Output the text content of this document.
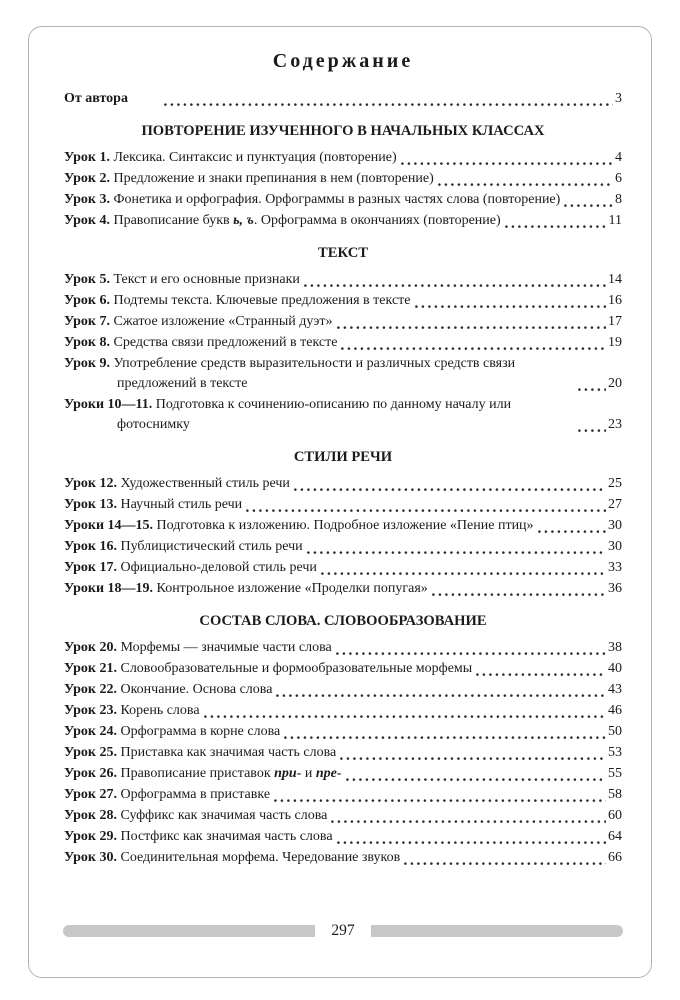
Содержание
От автора	3
ПОВТОРЕНИЕ ИЗУЧЕННОГО В НАЧАЛЬНЫХ КЛАССАХ
Урок 1. Лексика. Синтаксис и пунктуация (повторение)	4
Урок 2. Предложение и знаки препинания в нем (повторение)	6
Урок 3. Фонетика и орфография. Орфограммы в разных частях слова (повторение)	8
Урок 4. Правописание букв ь, ъ. Орфограмма в окончаниях (повторение)	11
ТЕКСТ
Урок 5. Текст и его основные признаки	14
Урок 6. Подтемы текста. Ключевые предложения в тексте	16
Урок 7. Сжатое изложение «Странный дуэт»	17
Урок 8. Средства связи предложений в тексте	19
Урок 9. Употребление средств выразительности и различных средств связи предложений в тексте	20
Уроки 10—11. Подготовка к сочинению-описанию по данному началу или фотоснимку	23
СТИЛИ РЕЧИ
Урок 12. Художественный стиль речи	25
Урок 13. Научный стиль речи	27
Уроки 14—15. Подготовка к изложению. Подробное изложение «Пение птиц»	30
Урок 16. Публицистический стиль речи	30
Урок 17. Официально-деловой стиль речи	33
Уроки 18—19. Контрольное изложение «Проделки попугая»	36
СОСТАВ СЛОВА. СЛОВООБРАЗОВАНИЕ
Урок 20. Морфемы — значимые части слова	38
Урок 21. Словообразовательные и формообразовательные морфемы	40
Урок 22. Окончание. Основа слова	43
Урок 23. Корень слова	46
Урок 24. Орфограмма в корне слова	50
Урок 25. Приставка как значимая часть слова	53
Урок 26. Правописание приставок при- и пре-	55
Урок 27. Орфограмма в приставке	58
Урок 28. Суффикс как значимая часть слова	60
Урок 29. Постфикс как значимая часть слова	64
Урок 30. Соединительная морфема. Чередование звуков	66
297
